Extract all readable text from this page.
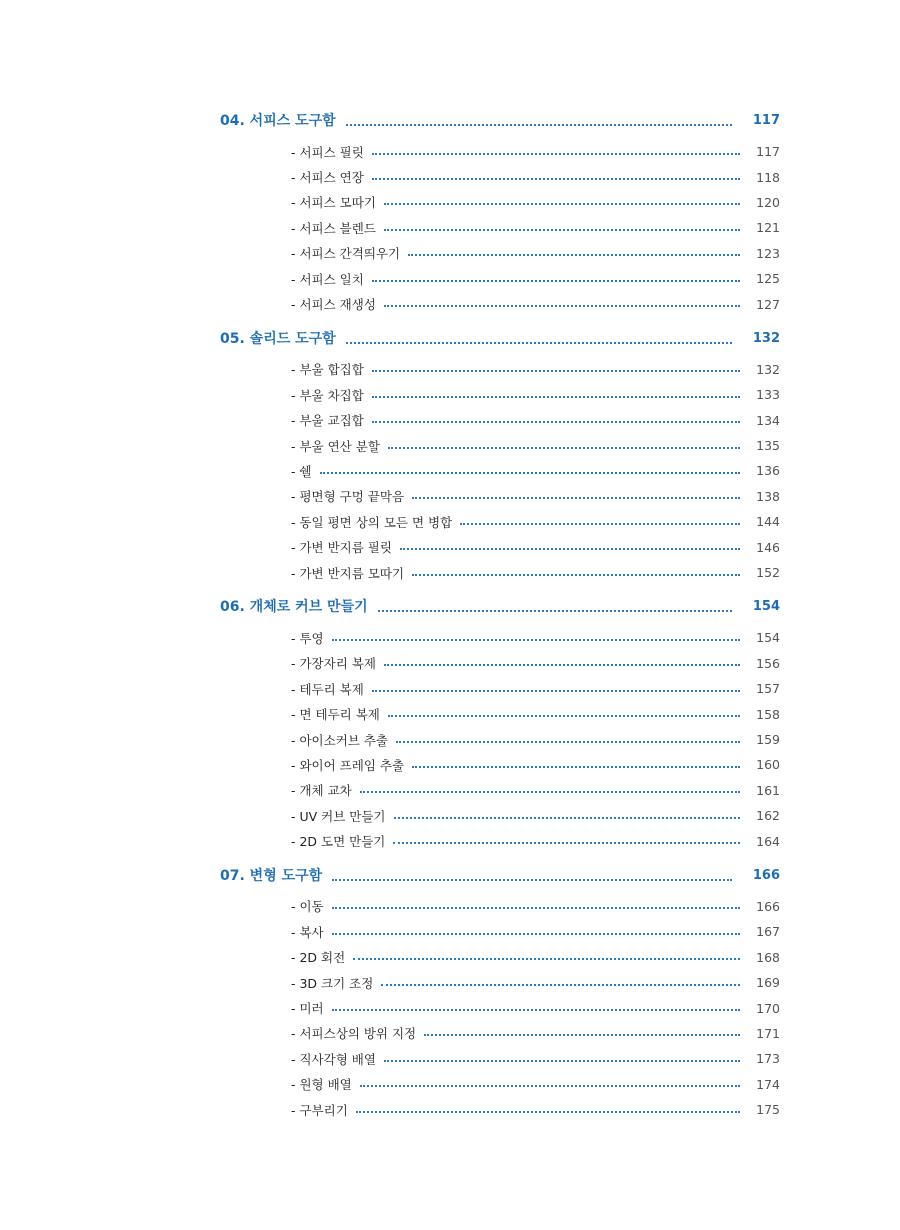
04. 서피스 도구함	117
- 서피스 필릿	117
- 서피스 연장	118
- 서피스 모따기	120
- 서피스 블렌드	121
- 서피스 간격띄우기	123
- 서피스 일치	125
- 서피스 재생성	127
05. 솔리드 도구함	132
- 부울 합집합	132
- 부울 차집합	133
- 부울 교집합	134
- 부울 연산 분할	135
- 쉘	136
- 평면형 구멍 끝막음	138
- 동일 평면 상의 모든 면 병합	144
- 가변 반지름 필릿	146
- 가변 반지름 모따기	152
06. 개체로 커브 만들기	154
- 투영	154
- 가장자리 복제	156
- 테두리 복제	157
- 면 테두리 복제	158
- 아이소커브 추출	159
- 와이어 프레임 추출	160
- 개체 교차	161
- UV 커브 만들기	162
- 2D 도면 만들기	164
07. 변형 도구함	166
- 이동	166
- 복사	167
- 2D 회전	168
- 3D 크기 조정	169
- 미러	170
- 서피스상의 방위 지정	171
- 직사각형 배열	173
- 원형 배열	174
- 구부리기	175
